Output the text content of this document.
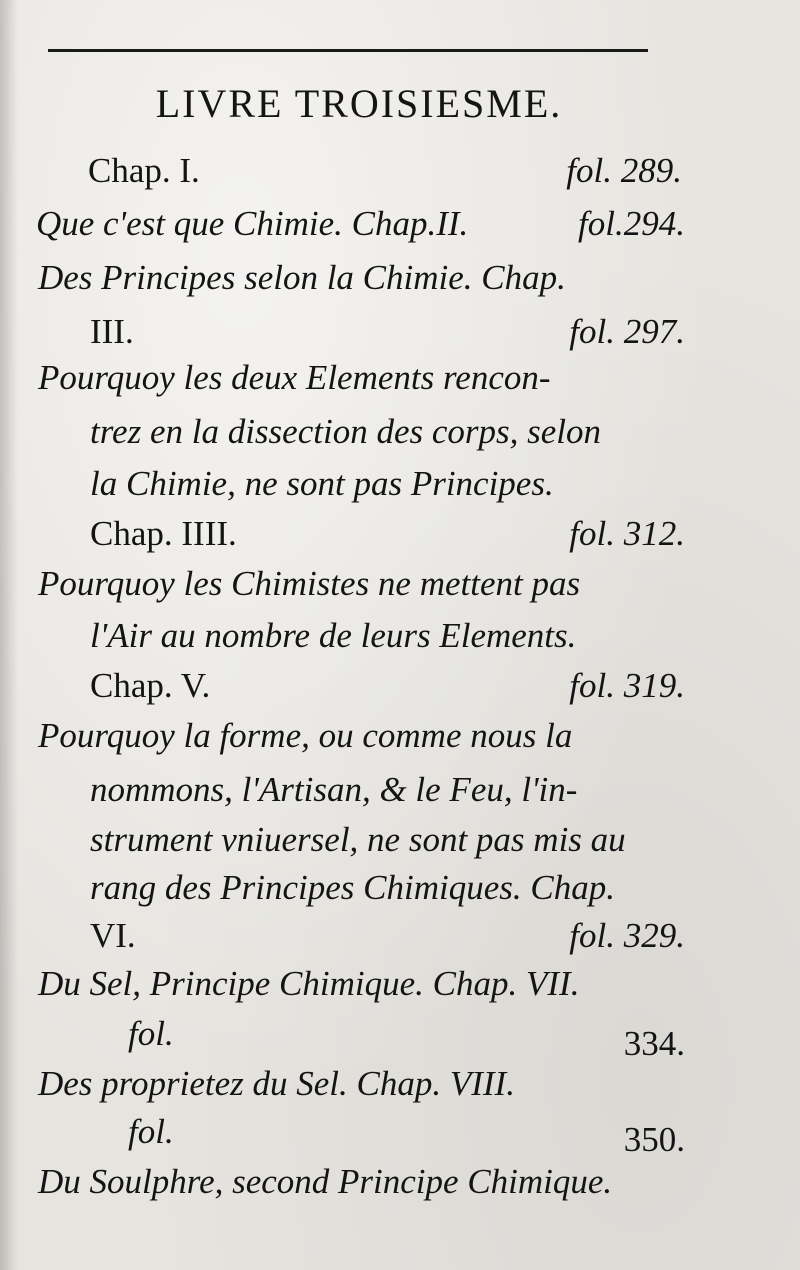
LIVRE TROISIESME.
Chap. I.	fol. 289.
Que c'est que Chimie. Chap.II.	fol.294.
Des Principes selon la Chimie. Chap.
III.	fol. 297.
Pourquoy les deux Elements rencon-
trez en la dissection des corps, selon
la Chimie, ne sont pas Principes.
Chap. IIII.	fol. 312.
Pourquoy les Chimistes ne mettent pas
l'Air au nombre de leurs Elements.
Chap. V.	fol. 319.
Pourquoy la forme, ou comme nous la
nommons, l'Artisan, & le Feu, l'in-
strument vniuersel, ne sont pas mis au
rang des Principes Chimiques. Chap.
VI.	fol. 329.
Du Sel, Principe Chimique. Chap. VII.
fol.	334.
Des proprietez du Sel. Chap. VIII.
fol.	350.
Du Soulphre, second Principe Chimique.
